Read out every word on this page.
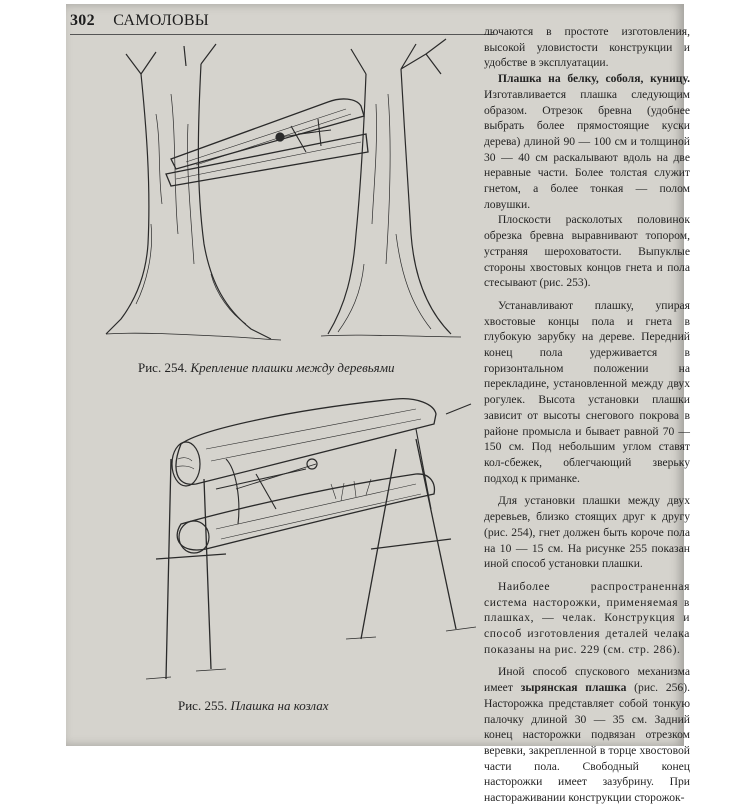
302 САМОЛОВЫ
Рис. 254. Крепление плашки между деревьями
Рис. 255. Плашка на козлах

лючаются в простоте изготовления, высокой уловистости конструкции и удобстве в эксплуатации.

Плашка на белку, соболя, куницу. Изготавливается плашка следующим образом. Отрезок бревна (удобнее выбрать более прямостоящие куски дерева) длиной 90 — 100 см и толщиной 30 — 40 см раскалывают вдоль на две неравные части. Более толстая служит гнетом, а более тонкая — полом ловушки.

Плоскости расколотых половинок обрезка бревна выравнивают топором, устраняя шероховатости. Выпуклые стороны хвостовых концов гнета и пола стесывают (рис. 253).

Устанавливают плашку, упирая хвостовые концы пола и гнета в глубокую зарубку на дереве. Передний конец пола удерживается в горизонтальном положении на перекладине, установленной между двух рогулек. Высота установки плашки зависит от высоты снегового покрова в районе промысла и бывает равной 70 — 150 см. Под небольшим углом ставят кол-сбежек, облегчающий зверьку подход к приманке.

Для установки плашки между двух деревьев, близко стоящих друг к другу (рис. 254), гнет должен быть короче пола на 10 — 15 см. На рисунке 255 показан иной способ установки плашки.

Наиболее распространенная система насторожки, применяемая в плашках, — челак. Конструкция и способ изготовления деталей челака показаны на рис. 229 (см. стр. 286).

Иной способ спускового механизма имеет зырянская плашка (рис. 256). Насторожка представляет собой тонкую палочку длиной 30 — 35 см. Задний конец насторожки подвязан отрезком веревки, закрепленной в торце хвостовой части пола. Свободный конец насторожки имеет зазубрину. При насторaживании конструкции сторожок-
